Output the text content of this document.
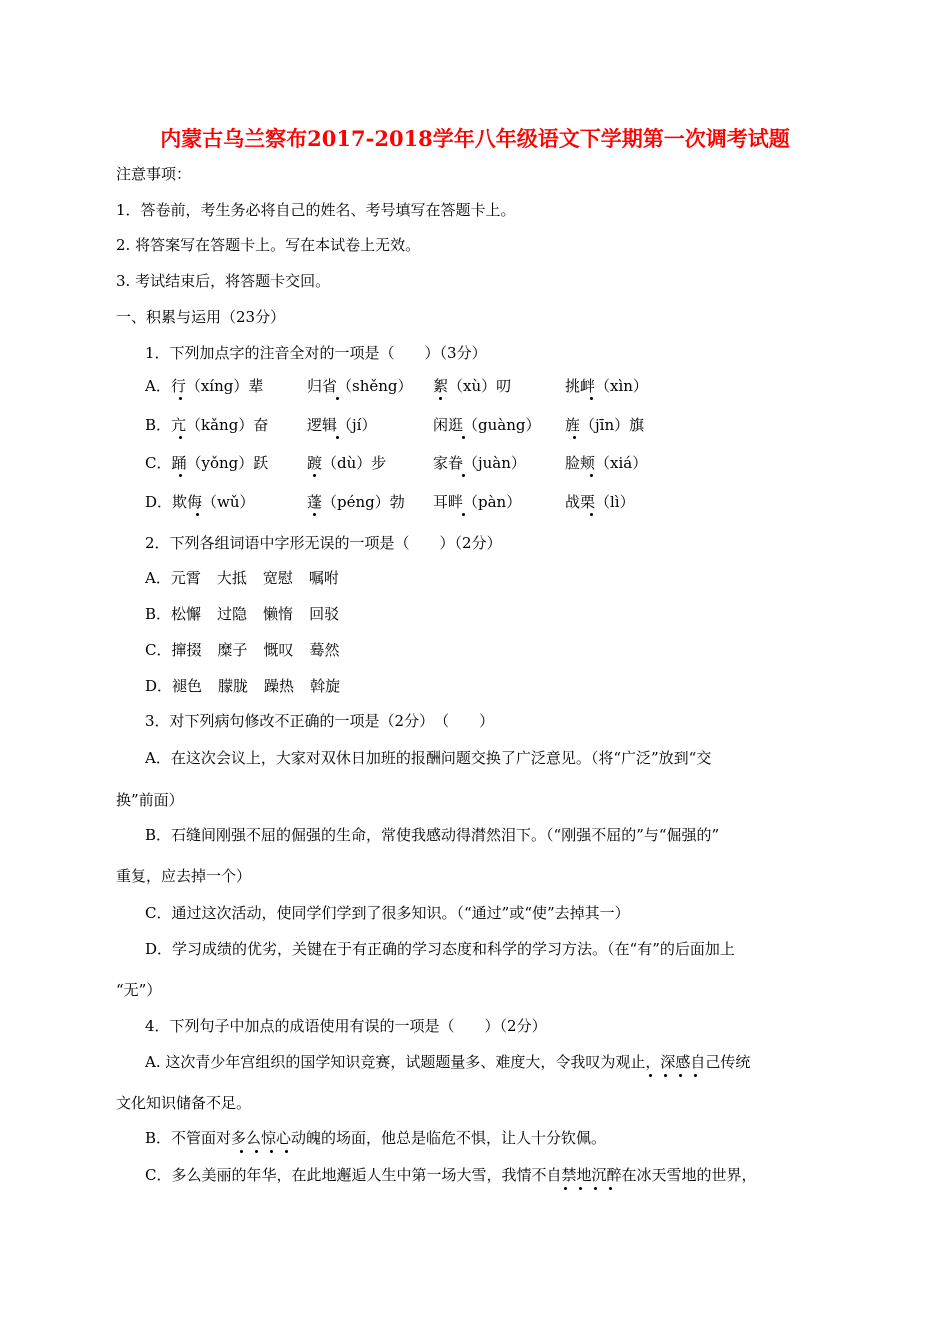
内蒙古乌兰察布2017-2018学年八年级语文下学期第一次调考试题
注意事项：
1．答卷前，考生务必将自己的姓名、考号填写在答题卡上。
2. 将答案写在答题卡上。写在本试卷上无效。
3. 考试结束后，将答题卡交回。
一、积累与运用（23分）
1．下列加点字的注音全对的一项是（　　）（3分）
A．行（xíng）辈	归省（shěng） 絮（xù）叨	挑衅（xìn）
B．亢（kǎng）奋	逻辑（jí）	闲逛（guàng） 旌（jīn）旗
C．踊（yǒng）跃	踱（dù）步	家眷（juàn）	脸颊（xiá）
D．欺侮（wǔ）	蓬（péng）勃 耳畔（pàn）	战栗（lì）
2．下列各组词语中字形无误的一项是（　　）（2分）
A．元霄 大抵 宽慰 嘱咐
B．松懈 过隐 懒惰 回驳
C．撺掇 糜子 慨叹 蓦然
D．褪色 朦胧 躁热 斡旋
3．对下列病句修改不正确的一项是（2分）　（　　）
A．在这次会议上，大家对双休日加班的报酬问题交换了广泛意见。（将“广泛”放到“交
换”前面）
B．石缝间刚强不屈的倔强的生命，常使我感动得潸然泪下。（“刚强不屈的”与“倔强的”
重复，应去掉一个）
C．通过这次活动，使同学们学到了很多知识。（“通过”或“使”去掉其一）
D．学习成绩的优劣，关键在于有正确的学习态度和科学的学习方法。（在“有”的后面加上
“无”）
4．下列句子中加点的成语使用有误的一项是（　　）（2分）
A. 这次青少年宫组织的国学知识竞赛，试题题量多、难度大，令我叹为观止，深感自己传统
文化知识储备不足。
B．不管面对多么惊心动魄的场面，他总是临危不惧，让人十分钦佩。
C．多么美丽的年华，在此地邂逅人生中第一场大雪，我情不自禁地沉醉在冰天雪地的世界，
